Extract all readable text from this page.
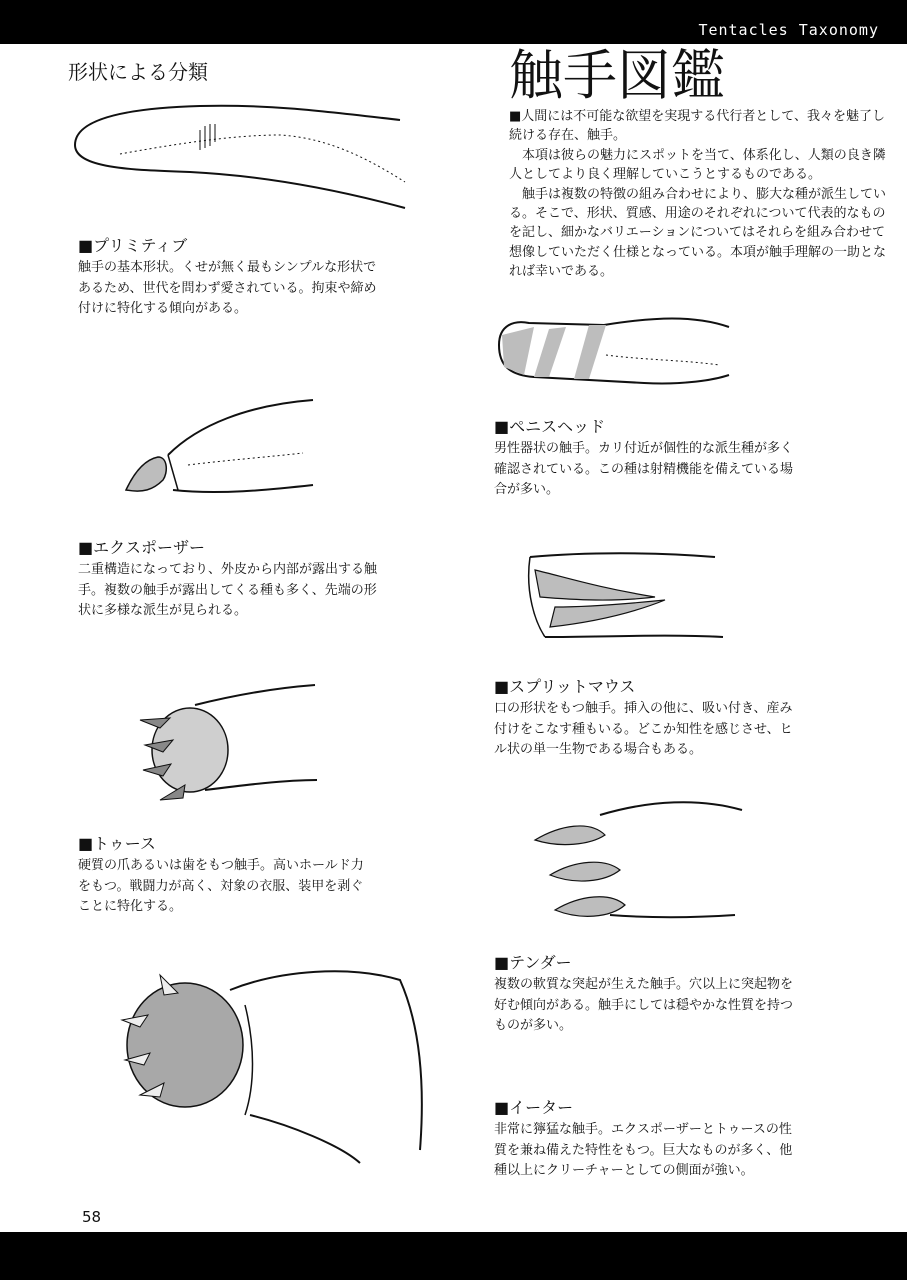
Tentacles Taxonomy
形状による分類	触手図鑑

■人間には不可能な欲望を実現する代行者として、我々を魅了し続ける存在、触手。

本項は彼らの魅力にスポットを当て、体系化し、人類の良き隣人としてより良く理解していこうとするものである。

触手は複数の特徴の組み合わせにより、膨大な種が派生している。そこで、形状、質感、用途のそれぞれについて代表的なものを記し、細かなバリエーションについてはそれらを組み合わせて想像していただく仕様となっている。本項が触手理解の一助となれば幸いである。

■プリミティブ

触手の基本形状。くせが無く最もシンプルな形状であるため、世代を問わず愛されている。拘束や締め付けに特化する傾向がある。

■ペニスヘッド

男性器状の触手。カリ付近が個性的な派生種が多く確認されている。この種は射精機能を備えている場合が多い。

■エクスポーザー

二重構造になっており、外皮から内部が露出する触手。複数の触手が露出してくる種も多く、先端の形状に多様な派生が見られる。

■スプリットマウス

口の形状をもつ触手。挿入の他に、吸い付き、産み付けをこなす種もいる。どこか知性を感じさせ、ヒル状の単一生物である場合もある。

■トゥース

硬質の爪あるいは歯をもつ触手。高いホールド力をもつ。戦闘力が高く、対象の衣服、装甲を剥ぐことに特化する。

■テンダー

複数の軟質な突起が生えた触手。穴以上に突起物を好む傾向がある。触手にしては穏やかな性質を持つものが多い。

■イーター

非常に獰猛な触手。エクスポーザーとトゥースの性質を兼ね備えた特性をもつ。巨大なものが多く、他種以上にクリーチャーとしての側面が強い。

58
